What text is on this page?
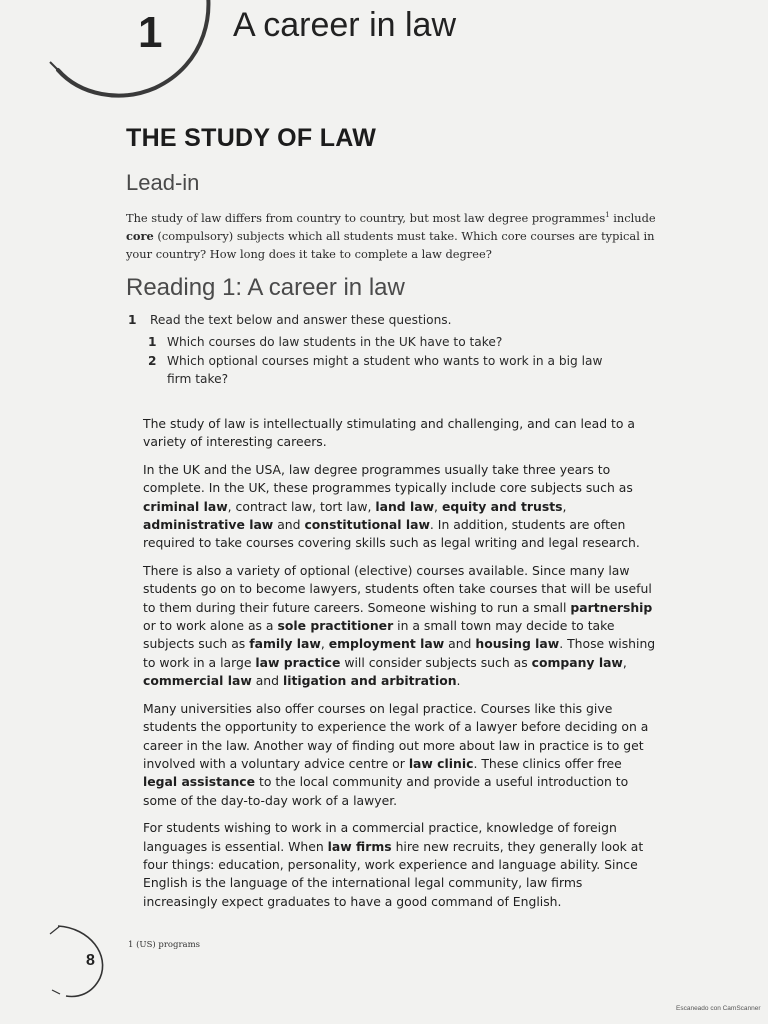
1 A career in law
THE STUDY OF LAW
Lead-in
The study of law differs from country to country, but most law degree programmes$^1$ include core (compulsory) subjects which all students must take. Which core courses are typical in your country? How long does it take to complete a law degree?
Reading 1: A career in law
1 Read the text below and answer these questions.
1 Which courses do law students in the UK have to take?
2 Which optional courses might a student who wants to work in a big law firm take?

The study of law is intellectually stimulating and challenging, and can lead to a variety of interesting careers.

In the UK and the USA, law degree programmes usually take three years to complete. In the UK, these programmes typically include core subjects such as criminal law, contract law, tort law, land law, equity and trusts, administrative law and constitutional law. In addition, students are often required to take courses covering skills such as legal writing and legal research.

There is also a variety of optional (elective) courses available. Since many law students go on to become lawyers, students often take courses that will be useful to them during their future careers. Someone wishing to run a small partnership or to work alone as a sole practitioner in a small town may decide to take subjects such as family law, employment law and housing law. Those wishing to work in a large law practice will consider subjects such as company law, commercial law and litigation and arbitration.

Many universities also offer courses on legal practice. Courses like this give students the opportunity to experience the work of a lawyer before deciding on a career in the law. Another way of finding out more about law in practice is to get involved with a voluntary advice centre or law clinic. These clinics offer free legal assistance to the local community and provide a useful introduction to some of the day-to-day work of a lawyer.

For students wishing to work in a commercial practice, knowledge of foreign languages is essential. When law firms hire new recruits, they generally look at four things: education, personality, work experience and language ability. Since English is the language of the international legal community, law firms increasingly expect graduates to have a good command of English.

1 (US) programs
8
Escaneado con CamScanner
